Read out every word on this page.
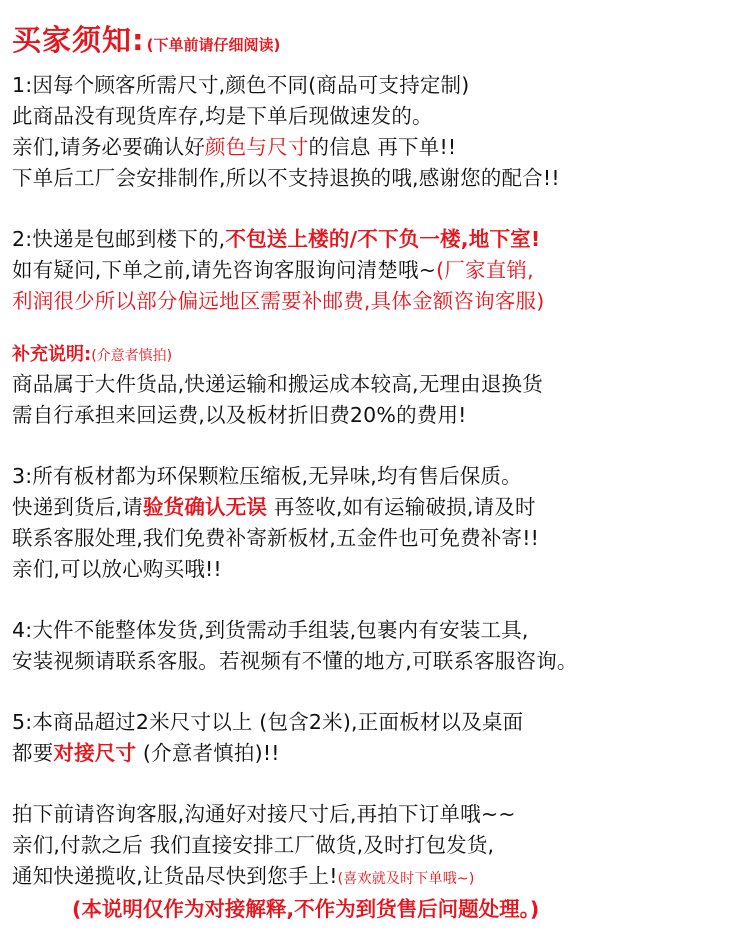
买家须知: (下单前请仔细阅读)
1:因每个顾客所需尺寸,颜色不同(商品可支持定制)
此商品没有现货库存,均是下单后现做速发的。
亲们,请务必要确认好颜色与尺寸的信息 再下单!!
下单后工厂会安排制作,所以不支持退换的哦,感谢您的配合!!
2:快递是包邮到楼下的,不包送上楼的/不下负一楼,地下室!
如有疑问,下单之前,请先咨询客服询问清楚哦~(厂家直销,
利润很少所以部分偏远地区需要补邮费,具体金额咨询客服)
补充说明:(介意者慎拍)
商品属于大件货品,快递运输和搬运成本较高,无理由退换货
需自行承担来回运费,以及板材折旧费20%的费用!
3:所有板材都为环保颗粒压缩板,无异味,均有售后保质。
快递到货后,请验货确认无误 再签收,如有运输破损,请及时
联系客服处理,我们免费补寄新板材,五金件也可免费补寄!!
亲们,可以放心购买哦!!
4:大件不能整体发货,到货需动手组装,包裹内有安装工具,
安装视频请联系客服。若视频有不懂的地方,可联系客服咨询。
5:本商品超过2米尺寸以上 (包含2米),正面板材以及桌面
都要对接尺寸 (介意者慎拍)!!
拍下前请咨询客服,沟通好对接尺寸后,再拍下订单哦~~
亲们,付款之后 我们直接安排工厂做货,及时打包发货,
通知快递揽收,让货品尽快到您手上!(喜欢就及时下单哦~)
(本说明仅作为对接解释,不作为到货售后问题处理。)
